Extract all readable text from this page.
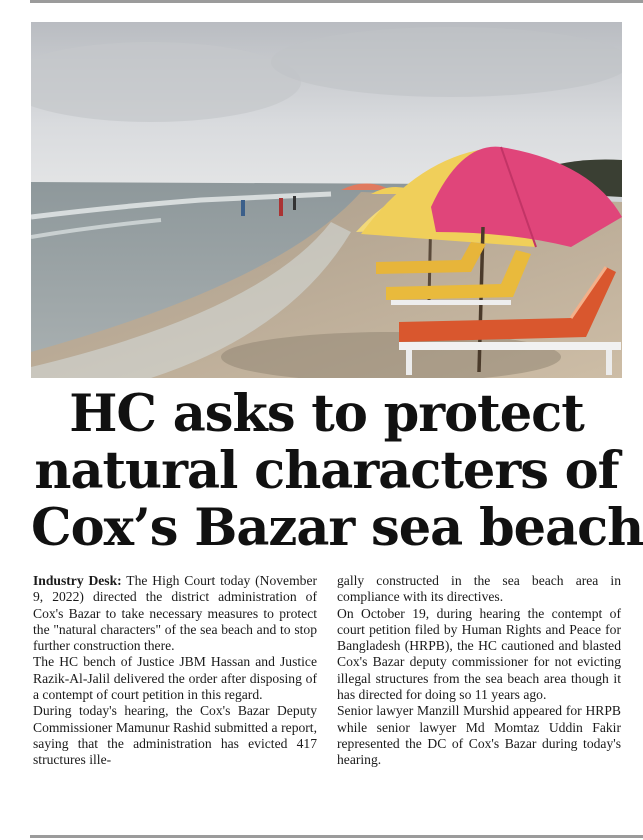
HC asks to protect
natural characters of
Cox’s Bazar sea beach

Industry Desk: The High Court today (November 9, 2022) directed the district administration of Cox's Bazar to take necessary measures to protect the "natural characters" of the sea beach and to stop further construction there.

The HC bench of Justice JBM Hassan and Justice Razik-Al-Jalil delivered the order after disposing of a contempt of court petition in this regard.

During today's hearing, the Cox's Bazar Deputy Commissioner Mamunur Rashid submitted a report, saying that the administration has evicted 417 structures ille-

gally constructed in the sea beach area in compliance with its directives.

On October 19, during hearing the contempt of court petition filed by Human Rights and Peace for Bangladesh (HRPB), the HC cautioned and blasted Cox's Bazar deputy commissioner for not evicting illegal structures from the sea beach area though it has directed for doing so 11 years ago.

Senior lawyer Manzill Murshid appeared for HRPB while senior lawyer Md Momtaz Uddin Fakir represented the DC of Cox's Bazar during today's hearing.
